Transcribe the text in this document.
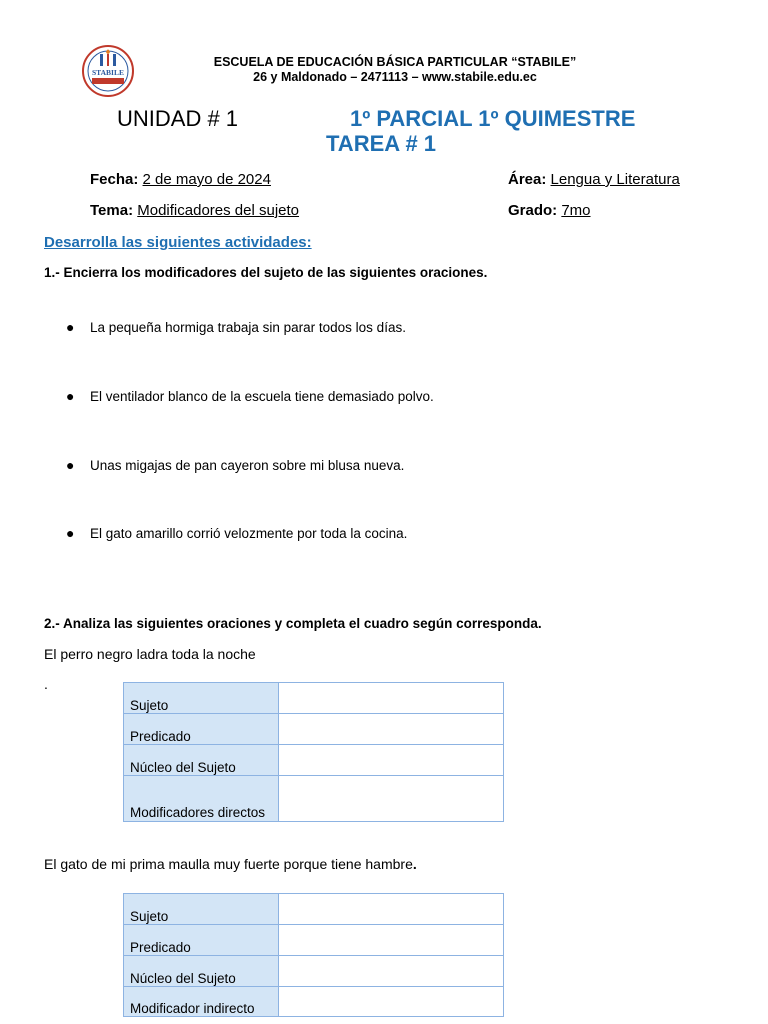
STABILE
ESCUELA DE EDUCACIÓN BÁSICA PARTICULAR “STABILE”
26 y Maldonado – 2471113 – www.stabile.edu.ec
UNIDAD # 1	1º PARCIAL 1º QUIMESTRE
TAREA # 1
Fecha: 2 de mayo de 2024	Área: Lengua y Literatura
Tema: Modificadores del sujeto	Grado: 7mo
Desarrolla las siguientes actividades:
1.- Encierra los modificadores del sujeto de las siguientes oraciones.
● La pequeña hormiga trabaja sin parar todos los días.
● El ventilador blanco de la escuela tiene demasiado polvo.
● Unas migajas de pan cayeron sobre mi blusa nueva.
● El gato amarillo corrió velozmente por toda la cocina.
2.- Analiza las siguientes oraciones y completa el cuadro según corresponda.
El perro negro ladra toda la noche
.
Sujeto	
Predicado	
Núcleo del Sujeto	
Modificadores directos	
El gato de mi prima maulla muy fuerte porque tiene hambre.
Sujeto	
Predicado	
Núcleo del Sujeto	
Modificador indirecto	
